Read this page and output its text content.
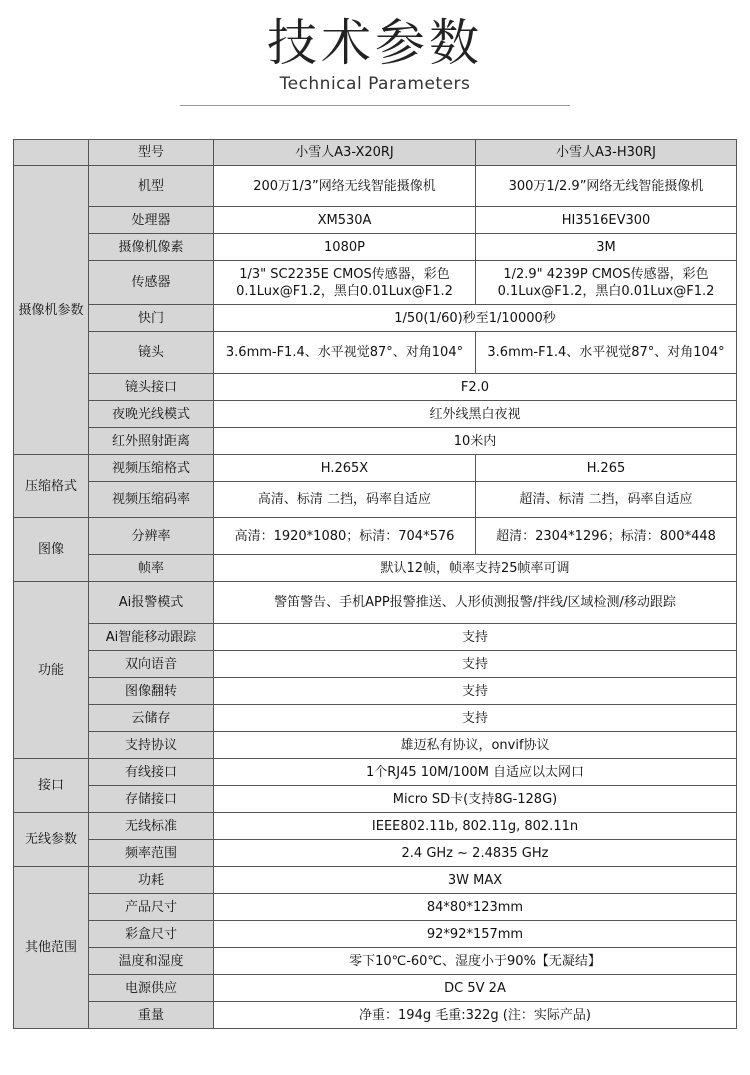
技术参数
Technical Parameters
	型号	小雪人A3-X20RJ	小雪人A3-H30RJ
摄像机参数	机型	200万1/3”网络无线智能摄像机	300万1/2.9”网络无线智能摄像机
	处理器	XM530A	HI3516EV300
	摄像机像素	1080P	3M
	传感器	1/3" SC2235E CMOS传感器，彩色0.1Lux@F1.2，黑白0.01Lux@F1.2	1/2.9" 4239P CMOS传感器，彩色0.1Lux@F1.2，黑白0.01Lux@F1.2
	快门	1/50(1/60)秒至1/10000秒	
	镜头	3.6mm-F1.4、水平视觉87°、对角104°	3.6mm-F1.4、水平视觉87°、对角104°
	镜头接口	F2.0	
	夜晚光线模式	红外线黑白夜视	
	红外照射距离	10米内	
压缩格式	视频压缩格式	H.265X	H.265
	视频压缩码率	高清、标清 二挡，码率自适应	超清、标清 二挡，码率自适应
图像	分辨率	高清：1920*1080；标清：704*576	超清：2304*1296；标清：800*448
	帧率	默认12帧，帧率支持25帧率可调	
功能	Ai报警模式	警笛警告、手机APP报警推送、人形侦测报警/拌线/区域检测/移动跟踪	
	Ai智能移动跟踪	支持	
	双向语音	支持	
	图像翻转	支持	
	云储存	支持	
	支持协议	雄迈私有协议，onvif协议	
接口	有线接口	1个RJ45 10M/100M 自适应以太网口	
	存储接口	Micro SD卡(支持8G-128G)	
无线参数	无线标准	IEEE802.11b, 802.11g, 802.11n	
	频率范围	2.4 GHz ~ 2.4835 GHz	
其他范围	功耗	3W MAX	
	产品尺寸	84*80*123mm	
	彩盒尺寸	92*92*157mm	
	温度和湿度	零下10℃-60℃、湿度小于90%【无凝结】	
	电源供应	DC 5V 2A	
	重量	净重：194g 毛重:322g (注：实际产品)	
